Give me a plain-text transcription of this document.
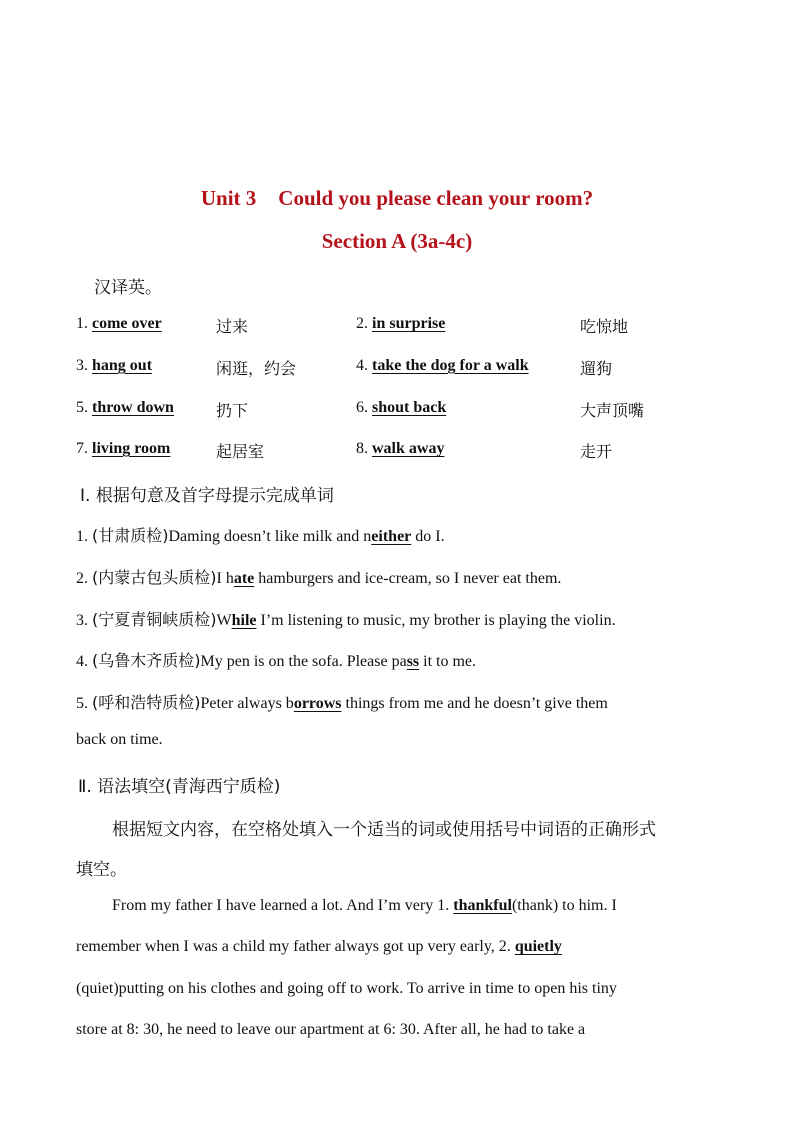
Unit 3 Could you please clean your room?
Section A (3a-4c)
汉译英。
1. come over	过来	2. in surprise	吃惊地
3. hang out	闲逛，约会	4. take the dog for a walk	遛狗
5. throw down	扔下	6. shout back	大声顶嘴
7. living room	起居室	8. walk away	走开
Ⅰ. 根据句意及首字母提示完成单词
1. (甘肃质检)Daming doesn’t like milk and neither do I.
2. (内蒙古包头质检)I hate hamburgers and ice-cream, so I never eat them.
3. (宁夏青铜峡质检)While I’m listening to music, my brother is playing the violin.
4. (乌鲁木齐质检)My pen is on the sofa. Please pass it to me.
5. (呼和浩特质检)Peter always borrows things from me and he doesn’t give them
back on time.
Ⅱ. 语法填空(青海西宁质检)
根据短文内容，在空格处填入一个适当的词或使用括号中词语的正确形式
填空。
From my father I have learned a lot. And I’m very 1. thankful(thank) to him. I
remember when I was a child my father always got up very early, 2. quietly
(quiet)putting on his clothes and going off to work. To arrive in time to open his tiny
store at 8: 30, he need to leave our apartment at 6: 30. After all, he had to take a
